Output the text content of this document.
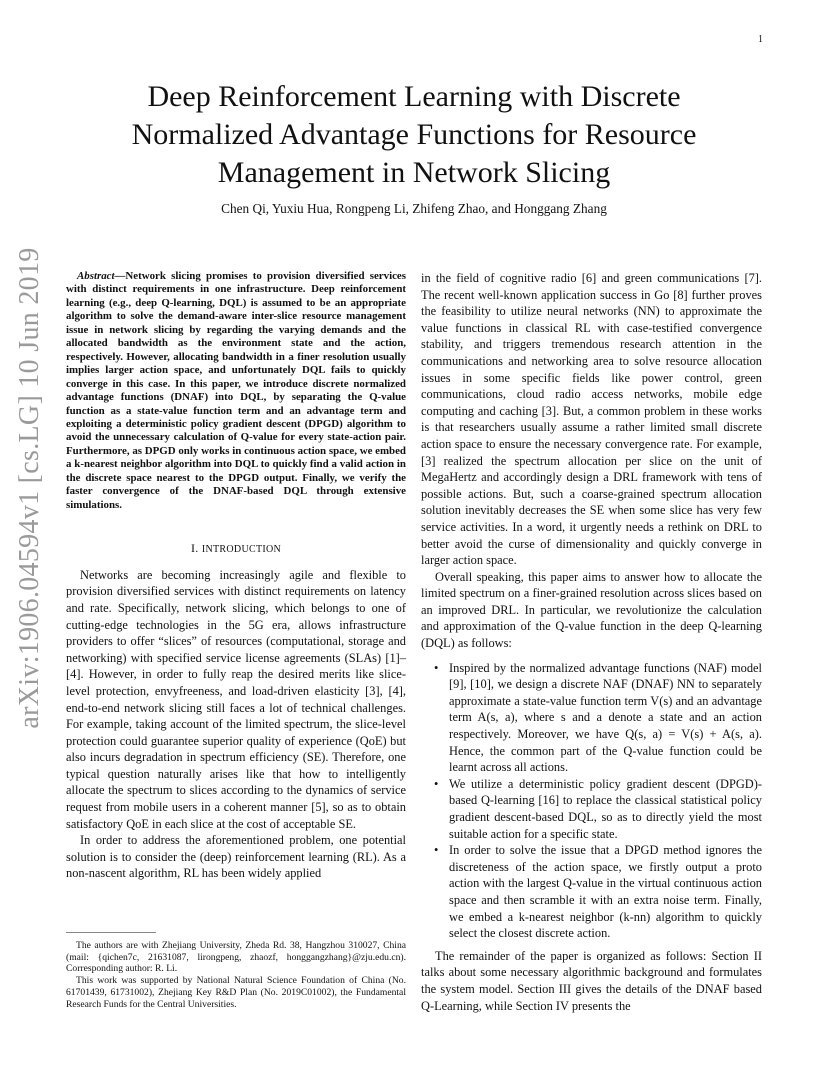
1
arXiv:1906.04594v1 [cs.LG] 10 Jun 2019
Deep Reinforcement Learning with Discrete Normalized Advantage Functions for Resource Management in Network Slicing
Chen Qi, Yuxiu Hua, Rongpeng Li, Zhifeng Zhao, and Honggang Zhang

Abstract—Network slicing promises to provision diversified services with distinct requirements in one infrastructure. Deep reinforcement learning (e.g., deep Q-learning, DQL) is assumed to be an appropriate algorithm to solve the demand-aware inter-slice resource management issue in network slicing by regarding the varying demands and the allocated bandwidth as the environment state and the action, respectively. However, allocating bandwidth in a finer resolution usually implies larger action space, and unfortunately DQL fails to quickly converge in this case. In this paper, we introduce discrete normalized advantage functions (DNAF) into DQL, by separating the Q-value function as a state-value function term and an advantage term and exploiting a deterministic policy gradient descent (DPGD) algorithm to avoid the unnecessary calculation of Q-value for every state-action pair. Furthermore, as DPGD only works in continuous action space, we embed a k-nearest neighbor algorithm into DQL to quickly find a valid action in the discrete space nearest to the DPGD output. Finally, we verify the faster convergence of the DNAF-based DQL through extensive simulations.

I. INTRODUCTION

Networks are becoming increasingly agile and flexible to provision diversified services with distinct requirements on latency and rate. Specifically, network slicing, which belongs to one of cutting-edge technologies in the 5G era, allows infrastructure providers to offer “slices” of resources (computational, storage and networking) with specified service license agreements (SLAs) [1]–[4]. However, in order to fully reap the desired merits like slice-level protection, envyfreeness, and load-driven elasticity [3], [4], end-to-end network slicing still faces a lot of technical challenges. For example, taking account of the limited spectrum, the slice-level protection could guarantee superior quality of experience (QoE) but also incurs degradation in spectrum efficiency (SE). Therefore, one typical question naturally arises like that how to intelligently allocate the spectrum to slices according to the dynamics of service request from mobile users in a coherent manner [5], so as to obtain satisfactory QoE in each slice at the cost of acceptable SE.

In order to address the aforementioned problem, one potential solution is to consider the (deep) reinforcement learning (RL). As a non-nascent algorithm, RL has been widely applied

in the field of cognitive radio [6] and green communications [7]. The recent well-known application success in Go [8] further proves the feasibility to utilize neural networks (NN) to approximate the value functions in classical RL with case-testified convergence stability, and triggers tremendous research attention in the communications and networking area to solve resource allocation issues in some specific fields like power control, green communications, cloud radio access networks, mobile edge computing and caching [3]. But, a common problem in these works is that researchers usually assume a rather limited small discrete action space to ensure the necessary convergence rate. For example, [3] realized the spectrum allocation per slice on the unit of MegaHertz and accordingly design a DRL framework with tens of possible actions. But, such a coarse-grained spectrum allocation solution inevitably decreases the SE when some slice has very few service activities. In a word, it urgently needs a rethink on DRL to better avoid the curse of dimensionality and quickly converge in larger action space.

Overall speaking, this paper aims to answer how to allocate the limited spectrum on a finer-grained resolution across slices based on an improved DRL. In particular, we revolutionize the calculation and approximation of the Q-value function in the deep Q-learning (DQL) as follows:

• Inspired by the normalized advantage functions (NAF) model [9], [10], we design a discrete NAF (DNAF) NN to separately approximate a state-value function term V(s) and an advantage term A(s, a), where s and a denote a state and an action respectively. Moreover, we have Q(s, a) = V(s) + A(s, a). Hence, the common part of the Q-value function could be learnt across all actions.
• We utilize a deterministic policy gradient descent (DPGD)-based Q-learning [16] to replace the classical statistical policy gradient descent-based DQL, so as to directly yield the most suitable action for a specific state.
• In order to solve the issue that a DPGD method ignores the discreteness of the action space, we firstly output a proto action with the largest Q-value in the virtual continuous action space and then scramble it with an extra noise term. Finally, we embed a k-nearest neighbor (k-nn) algorithm to quickly select the closest discrete action.

The remainder of the paper is organized as follows: Section II talks about some necessary algorithmic background and formulates the system model. Section III gives the details of the DNAF based Q-Learning, while Section IV presents the

The authors are with Zhejiang University, Zheda Rd. 38, Hangzhou 310027, China (mail: {qichen7c, 21631087, lirongpeng, zhaozf, honggangzhang}@zju.edu.cn). Corresponding author: R. Li.

This work was supported by National Natural Science Foundation of China (No. 61701439, 61731002), Zhejiang Key R&D Plan (No. 2019C01002), the Fundamental Research Funds for the Central Universities.
